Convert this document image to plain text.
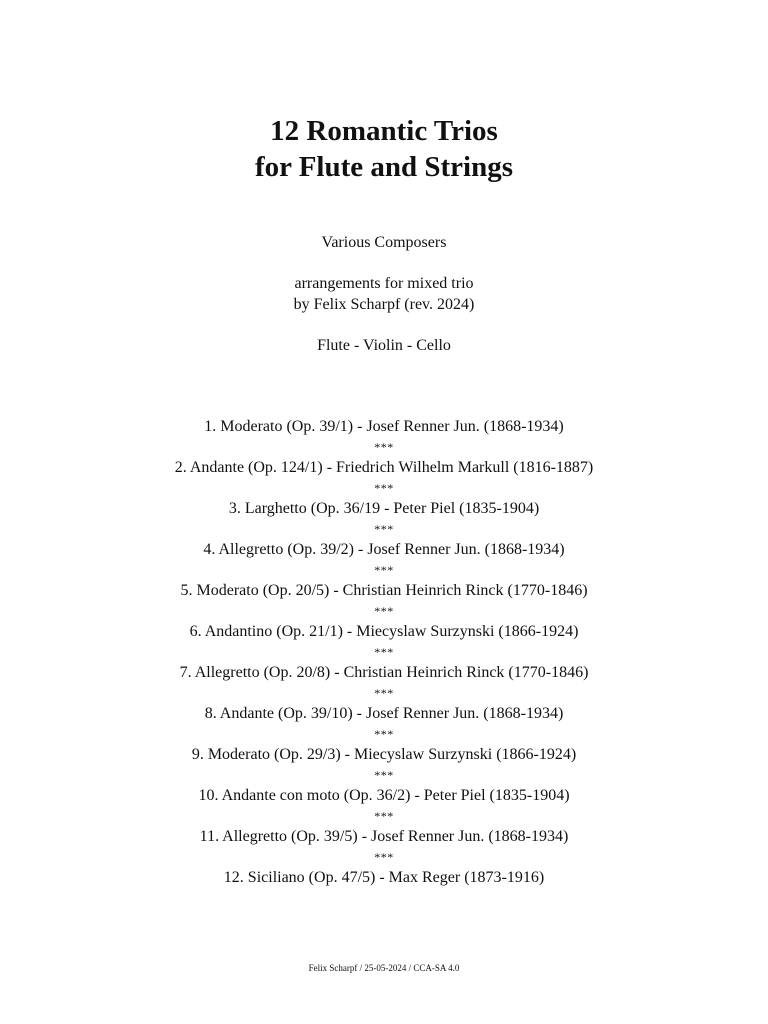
12 Romantic Trios
for Flute and Strings
Various Composers
arrangements for mixed trio
by Felix Scharpf (rev. 2024)
Flute - Violin - Cello
1. Moderato (Op. 39/1) - Josef Renner Jun. (1868-1934)
***
2. Andante (Op. 124/1) - Friedrich Wilhelm Markull (1816-1887)
***
3. Larghetto (Op. 36/19 - Peter Piel (1835-1904)
***
4. Allegretto (Op. 39/2) - Josef Renner Jun. (1868-1934)
***
5. Moderato (Op. 20/5) - Christian Heinrich Rinck (1770-1846)
***
6. Andantino (Op. 21/1) - Miecyslaw Surzynski (1866-1924)
***
7. Allegretto (Op. 20/8) - Christian Heinrich Rinck (1770-1846)
***
8. Andante (Op. 39/10) - Josef Renner Jun. (1868-1934)
***
9. Moderato (Op. 29/3) - Miecyslaw Surzynski (1866-1924)
***
10. Andante con moto (Op. 36/2) - Peter Piel (1835-1904)
***
11. Allegretto (Op. 39/5) - Josef Renner Jun. (1868-1934)
***
12. Siciliano (Op. 47/5) - Max Reger (1873-1916)
Felix Scharpf / 25-05-2024 / CCA-SA 4.0
